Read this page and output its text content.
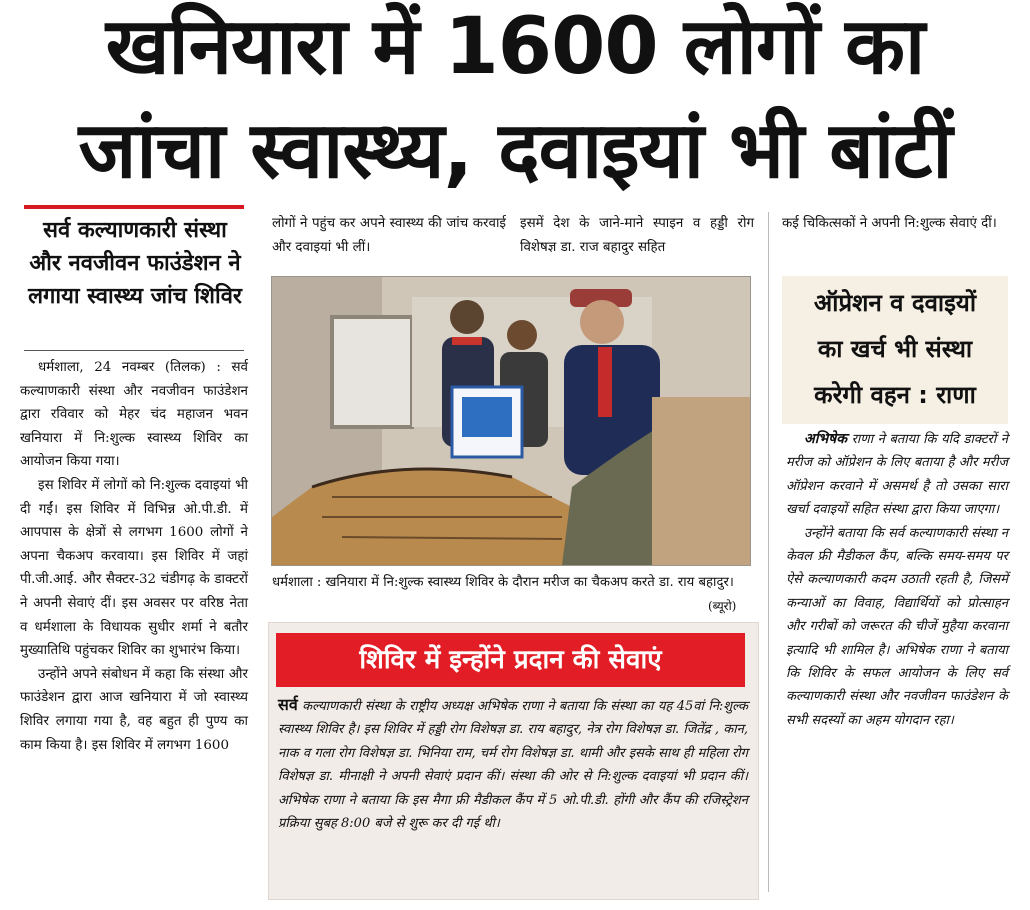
खनियारा में 1600 लोगों का
जांचा स्वास्थ्य, दवाइयां भी बांटीं
सर्व कल्याणकारी संस्था और नवजीवन फाउंडेशन ने लगाया स्वास्थ्य जांच शिविर

धर्मशाला, 24 नवम्बर (तिलक) : सर्व कल्याणकारी संस्था और नवजीवन फाउंडेशन द्वारा रविवार को मेहर चंद महाजन भवन खनियारा में नि:शुल्क स्वास्थ्य शिविर का आयोजन किया गया।

इस शिविर में लोगों को नि:शुल्क दवाइयां भी दी गईं। इस शिविर में विभिन्न ओ.पी.डी. में आपपास के क्षेत्रों से लगभग 1600 लोगों ने अपना चैकअप करवाया। इस शिविर में जहां पी.जी.आई. और सैक्टर-32 चंडीगढ़ के डाक्टरों ने अपनी सेवाएं दीं। इस अवसर पर वरिष्ठ नेता व धर्मशाला के विधायक सुधीर शर्मा ने बतौर मुख्यातिथि पहुंचकर शिविर का शुभारंभ किया।

उन्होंने अपने संबोधन में कहा कि संस्था और फाउंडेशन द्वारा आज खनियारा में जो स्वास्थ्य शिविर लगाया गया है, वह बहुत ही पुण्य का काम किया है। इस शिविर में लगभग 1600

लोगों ने पहुंच कर अपने स्वास्थ्य की जांच करवाई और दवाइयां भी लीं।
इसमें देश के जाने-माने स्पाइन व हड्डी रोग विशेषज्ञ डा. राज बहादुर सहित
कई चिकित्सकों ने अपनी नि:शुल्क सेवाएं दीं।
धर्मशाला : खनियारा में नि:शुल्क स्वास्थ्य शिविर के दौरान मरीज का चैकअप करते डा. राय बहादुर।
(ब्यूरो)
शिविर में इन्होंने प्रदान की सेवाएं
सर्व कल्याणकारी संस्था के राष्ट्रीय अध्यक्ष अभिषेक राणा ने बताया कि संस्था का यह 45वां नि:शुल्क स्वास्थ्य शिविर है। इस शिविर में हड्डी रोग विशेषज्ञ डा. राय बहादुर, नेत्र रोग विशेषज्ञ डा. जितेंद्र , कान, नाक व गला रोग विशेषज्ञ डा. भिनिया राम, चर्म रोग विशेषज्ञ डा. थामी और इसके साथ ही महिला रोग विशेषज्ञ डा. मीनाक्षी ने अपनी सेवाएं प्रदान कीं। संस्था की ओर से नि:शुल्क दवाइयां भी प्रदान कीं। अभिषेक राणा ने बताया कि इस मैगा फ्री मैडीकल कैंप में 5 ओ.पी.डी. होंगी और कैंप की रजिस्ट्रेशन प्रक्रिया सुबह 8:00 बजे से शुरू कर दी गई थी।
ऑप्रेशन व दवाइयों
का खर्च भी संस्था
करेगी वहन : राणा

अभिषेक राणा ने बताया कि यदि डाक्टरों ने मरीज को ऑप्रेशन के लिए बताया है और मरीज ऑप्रेशन करवाने में असमर्थ है तो उसका सारा खर्चा दवाइयों सहित संस्था द्वारा किया जाएगा।

उन्होंने बताया कि सर्व कल्याणकारी संस्था न केवल फ्री मैडीकल कैंप, बल्कि समय-समय पर ऐसे कल्याणकारी कदम उठाती रहती है, जिसमें कन्याओं का विवाह, विद्यार्थियों को प्रोत्साहन और गरीबों को जरूरत की चीजें मुहैया करवाना इत्यादि भी शामिल है। अभिषेक राणा ने बताया कि शिविर के सफल आयोजन के लिए सर्व कल्याणकारी संस्था और नवजीवन फाउंडेशन के सभी सदस्यों का अहम योगदान रहा।
